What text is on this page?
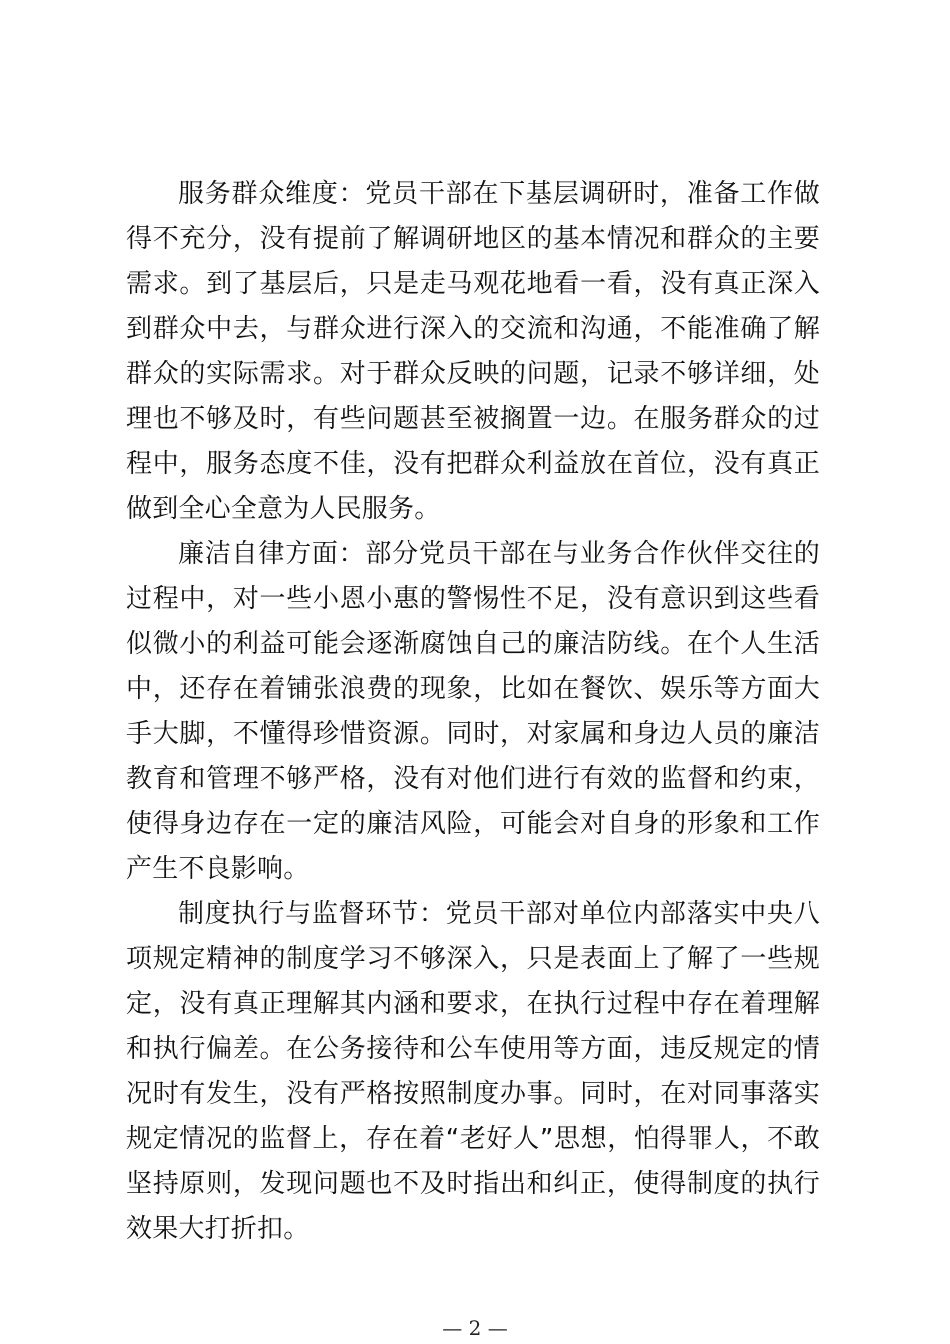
服务群众维度：党员干部在下基层调研时，准备工作做得不充分，没有提前了解调研地区的基本情况和群众的主要需求。到了基层后，只是走马观花地看一看，没有真正深入到群众中去，与群众进行深入的交流和沟通，不能准确了解群众的实际需求。对于群众反映的问题，记录不够详细，处理也不够及时，有些问题甚至被搁置一边。在服务群众的过程中，服务态度不佳，没有把群众利益放在首位，没有真正做到全心全意为人民服务。

廉洁自律方面：部分党员干部在与业务合作伙伴交往的过程中，对一些小恩小惠的警惕性不足，没有意识到这些看似微小的利益可能会逐渐腐蚀自己的廉洁防线。在个人生活中，还存在着铺张浪费的现象，比如在餐饮、娱乐等方面大手大脚，不懂得珍惜资源。同时，对家属和身边人员的廉洁教育和管理不够严格，没有对他们进行有效的监督和约束，使得身边存在一定的廉洁风险，可能会对自身的形象和工作产生不良影响。

制度执行与监督环节：党员干部对单位内部落实中央八项规定精神的制度学习不够深入，只是表面上了解了一些规定，没有真正理解其内涵和要求，在执行过程中存在着理解和执行偏差。在公务接待和公车使用等方面，违反规定的情况时有发生，没有严格按照制度办事。同时，在对同事落实规定情况的监督上，存在着“老好人”思想，怕得罪人，不敢坚持原则，发现问题也不及时指出和纠正，使得制度的执行效果大打折扣。

— 2 —
